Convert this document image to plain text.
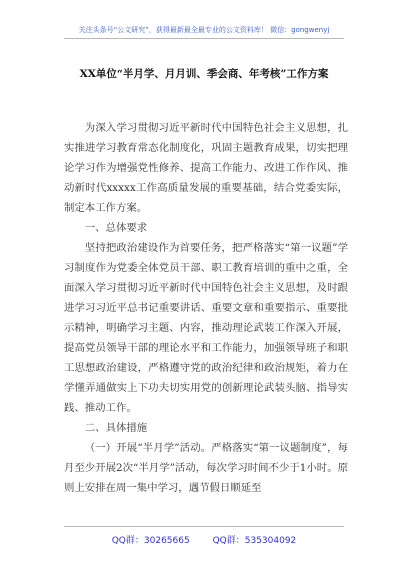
关注头条号“公文研究”，获得最新最全最专业的公文资料库！ 微信：gongwenyj
XX单位“半月学、月月训、季会商、年考核”工作方案

为深入学习贯彻习近平新时代中国特色社会主义思想，扎实推进学习教育常态化制度化，巩固主题教育成果，切实把理论学习作为增强党性修养、提高工作能力、改进工作作风、推动新时代xxxxx工作高质量发展的重要基础，结合党委实际，制定本工作方案。

一、总体要求

坚持把政治建设作为首要任务，把严格落实“第一议题”学习制度作为党委全体党员干部、职工教育培训的重中之重，全面深入学习贯彻习近平新时代中国特色社会主义思想，及时跟进学习习近平总书记重要讲话、重要文章和重要指示、重要批示精神，明确学习主题、内容，推动理论武装工作深入开展，提高党员领导干部的理论水平和工作能力，加强领导班子和职工思想政治建设，严格遵守党的政治纪律和政治规矩，着力在学懂弄通做实上下功夫切实用党的创新理论武装头脑、指导实践、推动工作。

二、具体措施

（一）开展“半月学”活动。严格落实“第一议题制度”，每月至少开展2次“半月学”活动，每次学习时间不少于1小时。原则上安排在周一集中学习，遇节假日顺延至

QQ群：30265665	QQ群：535304092
